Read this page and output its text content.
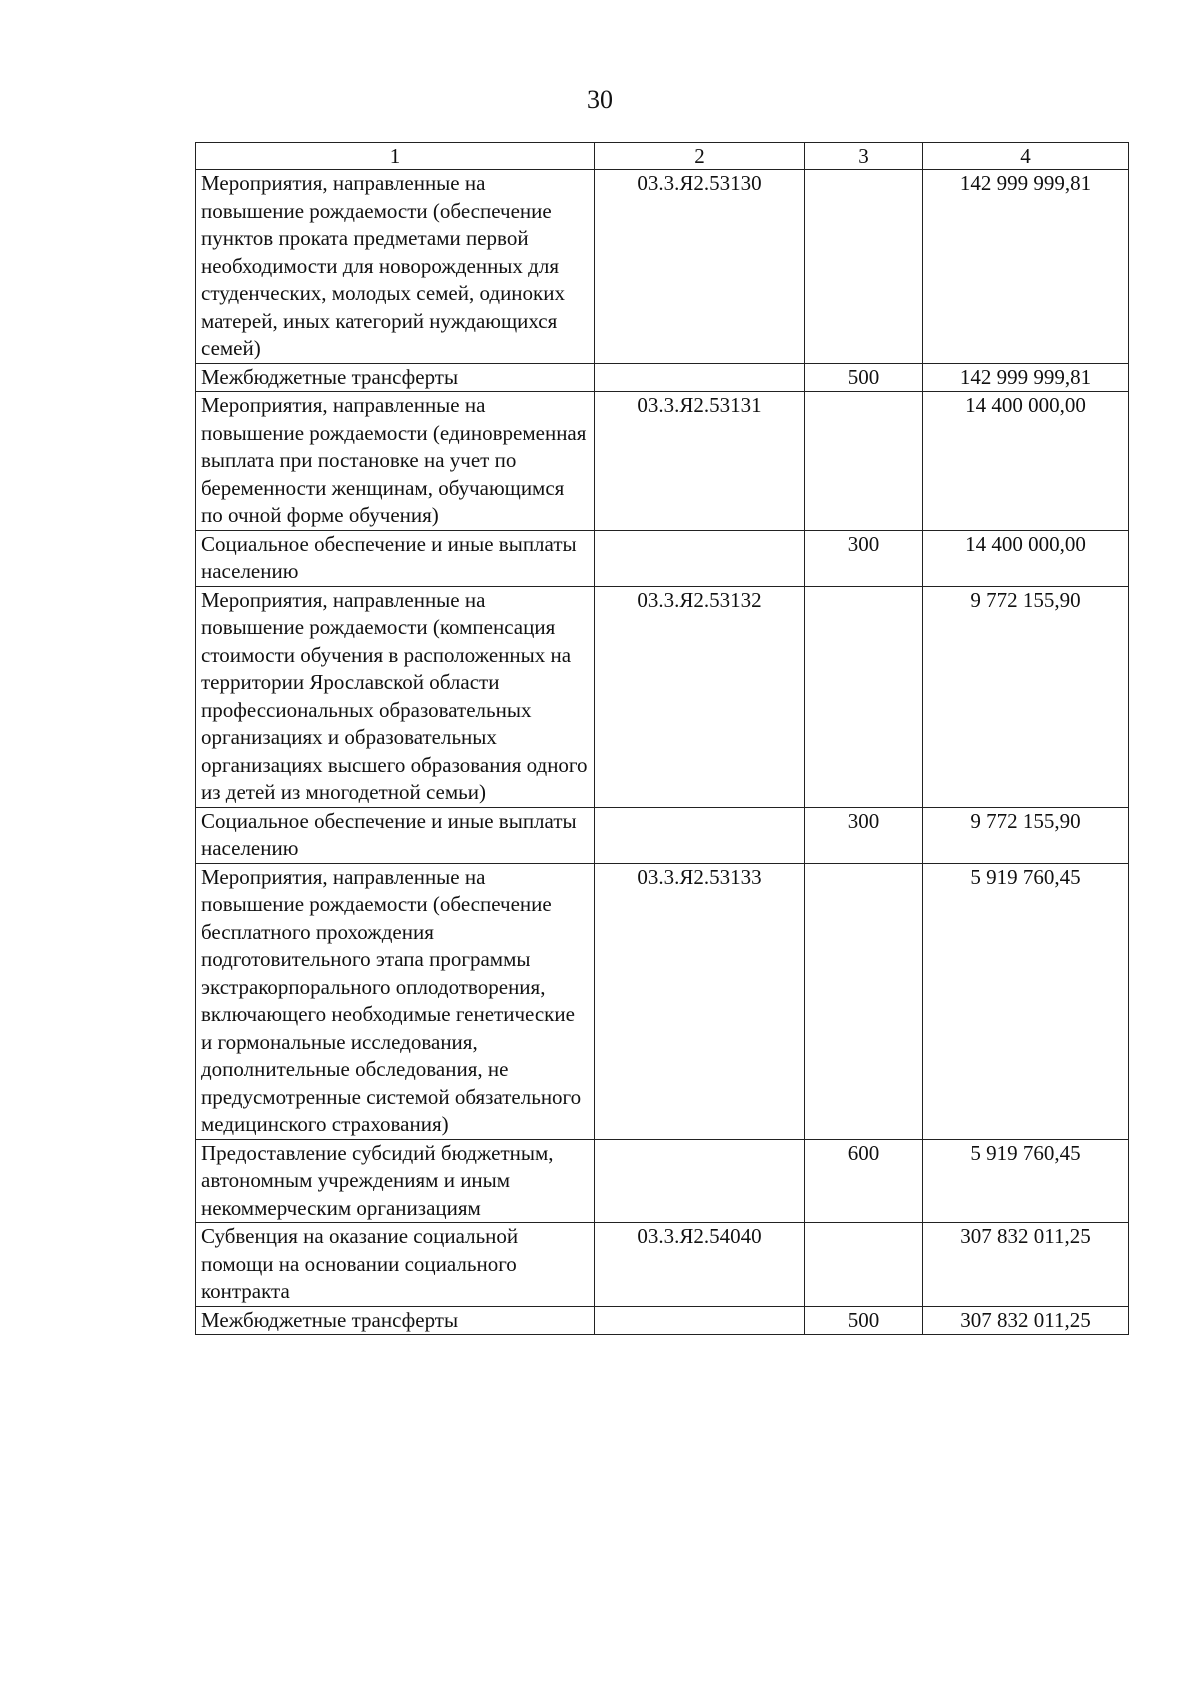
30
1	2	3	4
Мероприятия, направленные на повышение рождаемости (обеспечение пунктов проката предметами первой необходимости для новорожденных для студенческих, молодых семей, одиноких матерей, иных категорий нуждающихся семей)	03.3.Я2.53130		142 999 999,81
Межбюджетные трансферты		500	142 999 999,81
Мероприятия, направленные на повышение рождаемости (единовременная выплата при постановке на учет по беременности женщинам, обучающимся по очной форме обучения)	03.3.Я2.53131		14 400 000,00
Социальное обеспечение и иные выплаты населению		300	14 400 000,00
Мероприятия, направленные на повышение рождаемости (компенсация стоимости обучения в расположенных на территории Ярославской области профессиональных образовательных организациях и образовательных организациях высшего образования одного из детей из многодетной семьи)	03.3.Я2.53132		9 772 155,90
Социальное обеспечение и иные выплаты населению		300	9 772 155,90
Мероприятия, направленные на повышение рождаемости (обеспечение бесплатного прохождения подготовительного этапа программы экстракорпорального оплодотворения, включающего необходимые генетические и гормональные исследования, дополнительные обследования, не предусмотренные системой обязательного медицинского страхования)	03.3.Я2.53133		5 919 760,45
Предоставление субсидий бюджетным, автономным учреждениям и иным некоммерческим организациям		600	5 919 760,45
Субвенция на оказание социальной помощи на основании социального контракта	03.3.Я2.54040		307 832 011,25
Межбюджетные трансферты		500	307 832 011,25
